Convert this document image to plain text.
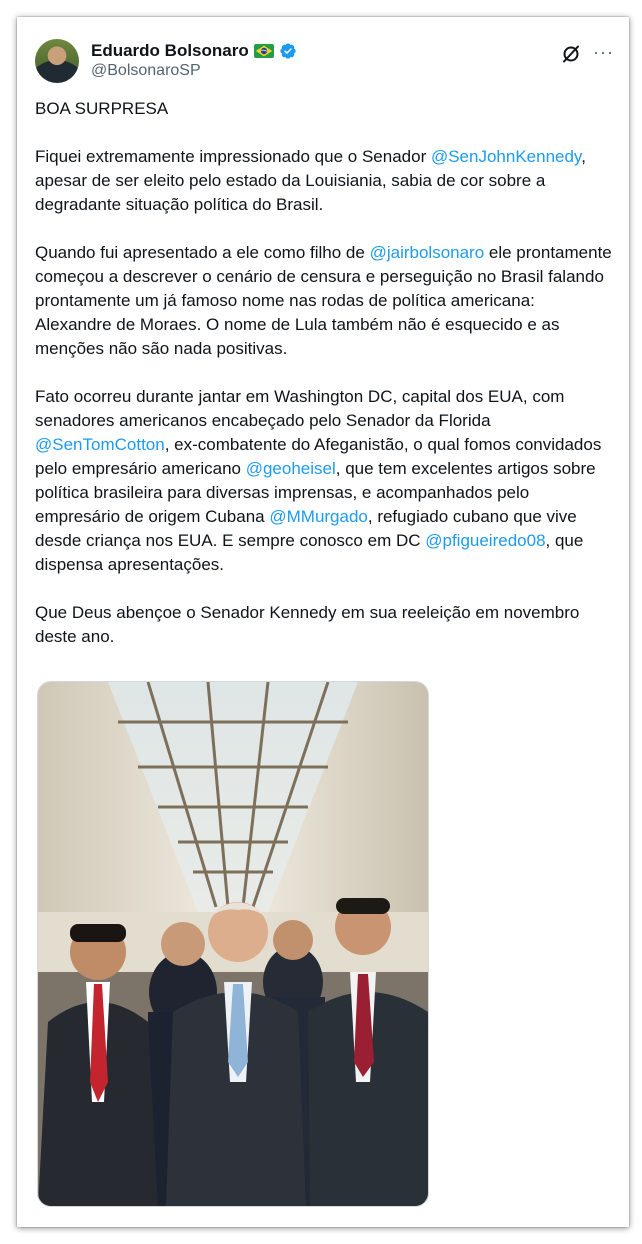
Eduardo Bolsonaro
@BolsonaroSP
···

BOA SURPRESA

Fiquei extremamente impressionado que o Senador @SenJohnKennedy, apesar de ser eleito pelo estado da Louisiania, sabia de cor sobre a degradante situação política do Brasil.

Quando fui apresentado a ele como filho de @jairbolsonaro ele prontamente começou a descrever o cenário de censura e perseguição no Brasil falando prontamente um já famoso nome nas rodas de política americana: Alexandre de Moraes. O nome de Lula também não é esquecido e as menções não são nada positivas.

Fato ocorreu durante jantar em Washington DC, capital dos EUA, com senadores americanos encabeçado pelo Senador da Florida @SenTomCotton, ex-combatente do Afeganistão, o qual fomos convidados pelo empresário americano @geoheisel, que tem excelentes artigos sobre política brasileira para diversas imprensas, e acompanhados pelo empresário de origem Cubana @MMurgado, refugiado cubano que vive desde criança nos EUA. E sempre conosco em DC @pfigueiredo08, que dispensa apresentações.

Que Deus abençoe o Senador Kennedy em sua reeleição em novembro deste ano.
